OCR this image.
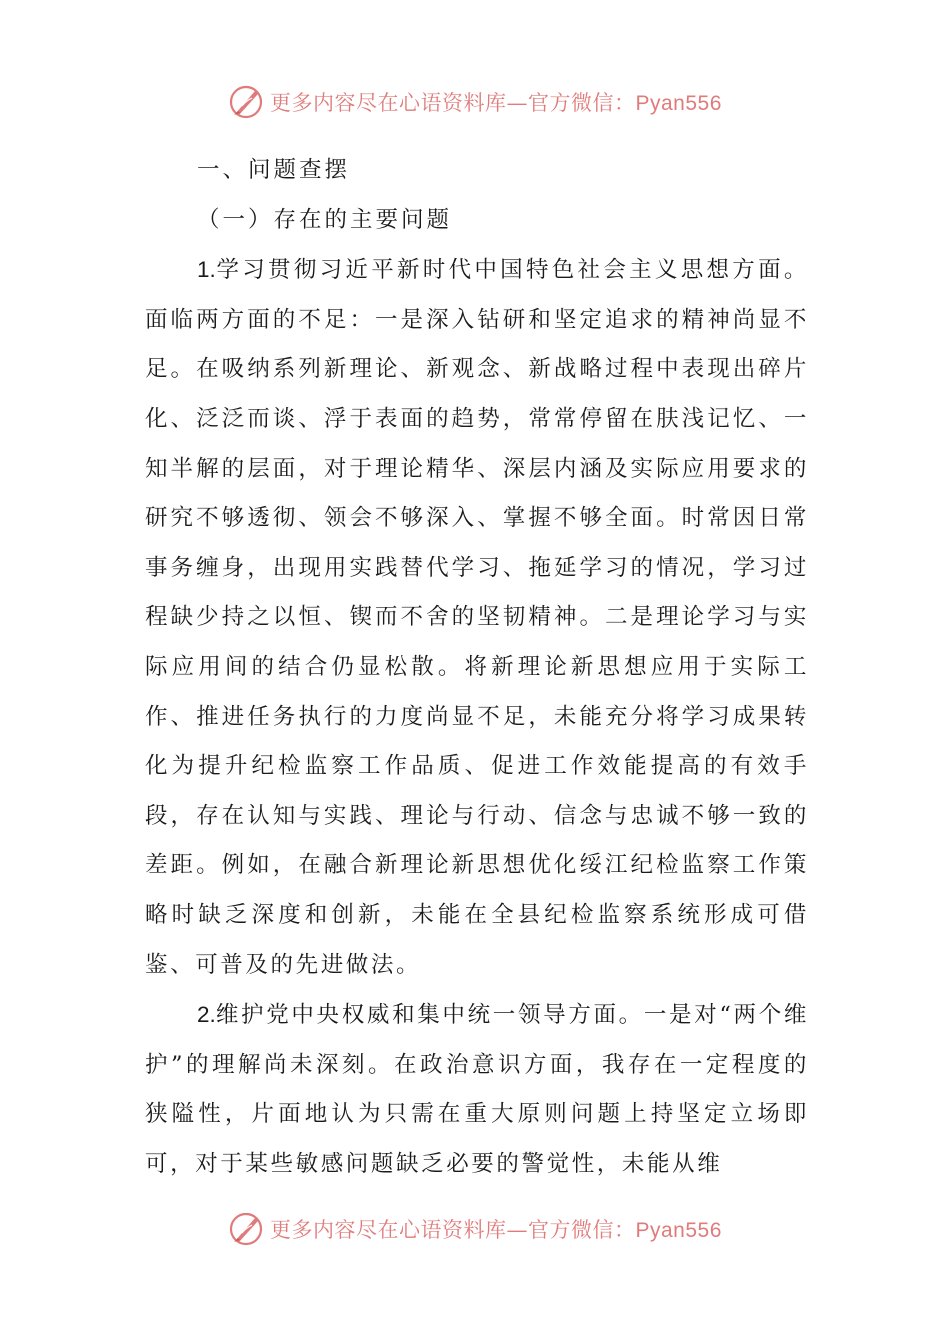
更多内容尽在心语资料库—官方微信：Pyan556
一、问题查摆
（一）存在的主要问题

1.学习贯彻习近平新时代中国特色社会主义思想方面。面临两方面的不足：一是深入钻研和坚定追求的精神尚显不足。在吸纳系列新理论、新观念、新战略过程中表现出碎片化、泛泛而谈、浮于表面的趋势，常常停留在肤浅记忆、一知半解的层面，对于理论精华、深层内涵及实际应用要求的研究不够透彻、领会不够深入、掌握不够全面。时常因日常事务缠身，出现用实践替代学习、拖延学习的情况，学习过程缺少持之以恒、锲而不舍的坚韧精神。二是理论学习与实际应用间的结合仍显松散。将新理论新思想应用于实际工作、推进任务执行的力度尚显不足，未能充分将学习成果转化为提升纪检监察工作品质、促进工作效能提高的有效手段，存在认知与实践、理论与行动、信念与忠诚不够一致的差距。例如，在融合新理论新思想优化绥江纪检监察工作策略时缺乏深度和创新，未能在全县纪检监察系统形成可借鉴、可普及的先进做法。

2.维护党中央权威和集中统一领导方面。一是对“两个维护”的理解尚未深刻。在政治意识方面，我存在一定程度的狭隘性，片面地认为只需在重大原则问题上持坚定立场即可，对于某些敏感问题缺乏必要的警觉性，未能从维

更多内容尽在心语资料库—官方微信：Pyan556
